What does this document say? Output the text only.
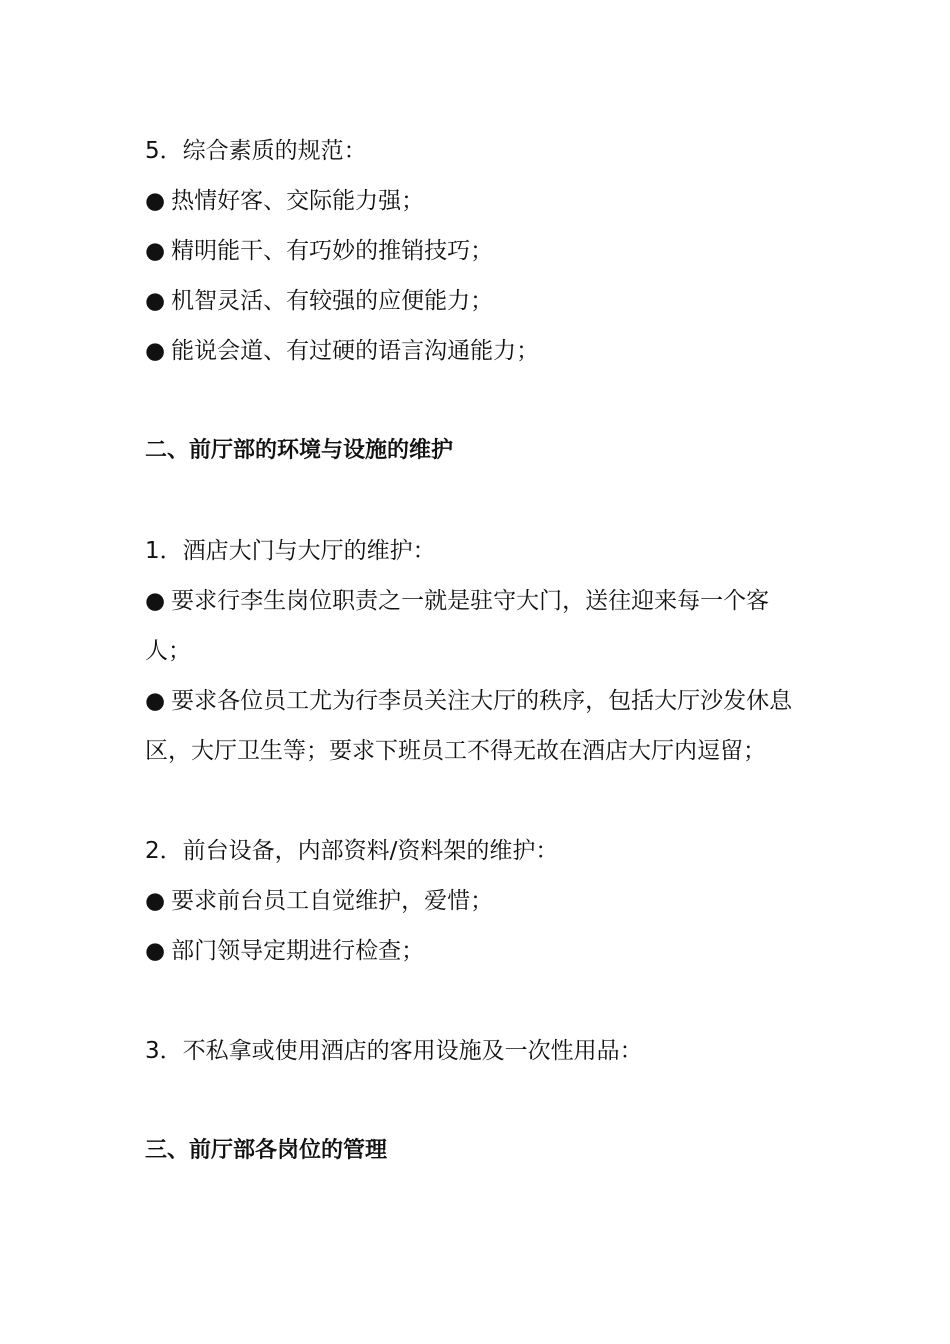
5．综合素质的规范：

● 热情好客、交际能力强；

● 精明能干、有巧妙的推销技巧；

● 机智灵活、有较强的应便能力；

● 能说会道、有过硬的语言沟通能力；

二、前厅部的环境与设施的维护

1．酒店大门与大厅的维护：

● 要求行李生岗位职责之一就是驻守大门，送往迎来每一个客人；

● 要求各位员工尤为行李员关注大厅的秩序，包括大厅沙发休息区，大厅卫生等；要求下班员工不得无故在酒店大厅内逗留；

2．前台设备，内部资料/资料架的维护：

● 要求前台员工自觉维护，爱惜；

● 部门领导定期进行检查；

3．不私拿或使用酒店的客用设施及一次性用品：

三、前厅部各岗位的管理
